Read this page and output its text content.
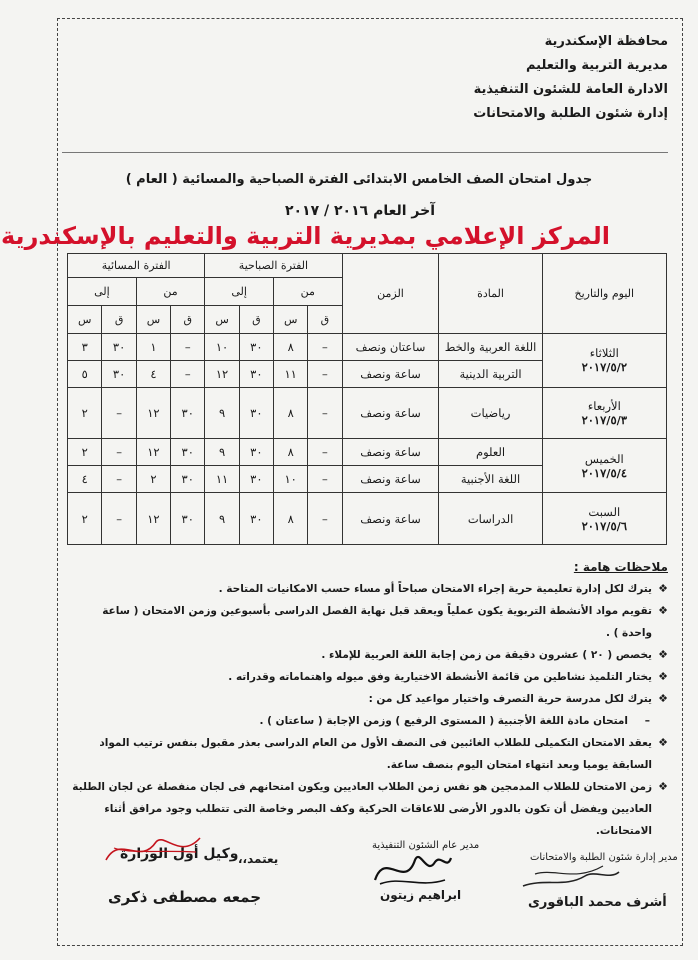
محافظة الإسكندرية
مديرية التربية والتعليم
الادارة العامة للشئون التنفيذية
إدارة شئون الطلبة والامتحانات
جدول امتحان الصف الخامس الابتدائى الفترة الصباحية والمسائية ( العام )
آخر العام ٢٠١٦ / ٢٠١٧
المركز الإعلامي بمديرية التربية والتعليم بالإسكندرية
اليوم والتاريخ	المادة	الزمن	الفترة الصباحية				الفترة المسائية			
			من		إلى		من		إلى	
			ق	س	ق	س	ق	س	ق	س

الثلاثاء
٢٠١٧/٥/٢	اللغة العربية والخط	ساعتان ونصف	–	٨	٣٠	١٠	–	١	٣٠	٣
	التربية الدينية	ساعة ونصف	–	١١	٣٠	١٢	–	٤	٣٠	٥

الأربعاء
٢٠١٧/٥/٣	رياضيات	ساعة ونصف	–	٨	٣٠	٩	٣٠	١٢	–	٢

الخميس
٢٠١٧/٥/٤	العلوم	ساعة ونصف	–	٨	٣٠	٩	٣٠	١٢	–	٢
	اللغة الأجنبية	ساعة ونصف	–	١٠	٣٠	١١	٣٠	٢	–	٤

السبت
٢٠١٧/٥/٦	الدراسات	ساعة ونصف	–	٨	٣٠	٩	٣٠	١٢	–	٢
ملاحظات هامة :
❖
يترك لكل إدارة تعليمية حرية إجراء الامتحان صباحاً أو مساء حسب الامكانيات المتاحة .
❖
تقويم مواد الأنشطة التربوية يكون عملياً ويعقد قبل نهاية الفصل الدراسى بأسبوعين وزمن الامتحان ( ساعة واحدة ) .
❖
يخصص ( ٢٠ ) عشرون دقيقة من زمن إجابة اللغة العربية للإملاء .
❖
يختار التلميذ نشاطين من قائمة الأنشطة الاختيارية وفق ميوله واهتماماته وقدراته .
❖
يترك لكل مدرسة حرية التصرف واختيار مواعيد كل من :
–
امتحان مادة اللغة الأجنبية ( المستوى الرفيع ) وزمن الإجابة ( ساعتان ) .
❖
يعقد الامتحان التكميلى للطلاب الغائبين فى النصف الأول من العام الدراسى بعذر مقبول بنفس ترتيب المواد السابقة يوميا وبعد انتهاء امتحان اليوم بنصف ساعة.
❖
زمن الامتحان للطلاب المدمجين هو نفس زمن الطلاب العاديين ويكون امتحانهم فى لجان منفصلة عن لجان الطلبة العاديين ويفضل أن تكون بالدور الأرضى للاعاقات الحركية وكف البصر وخاصة التى تتطلب وجود مرافق أثناء الامتحانات.
مدير إدارة شئون الطلبة والامتحانات
أشرف محمد الباقورى
مدير عام الشئون التنفيذية
ابراهيم زيتون
يعتمد،،
وكيل أول الوزارة
جمعه مصطفى ذكرى
